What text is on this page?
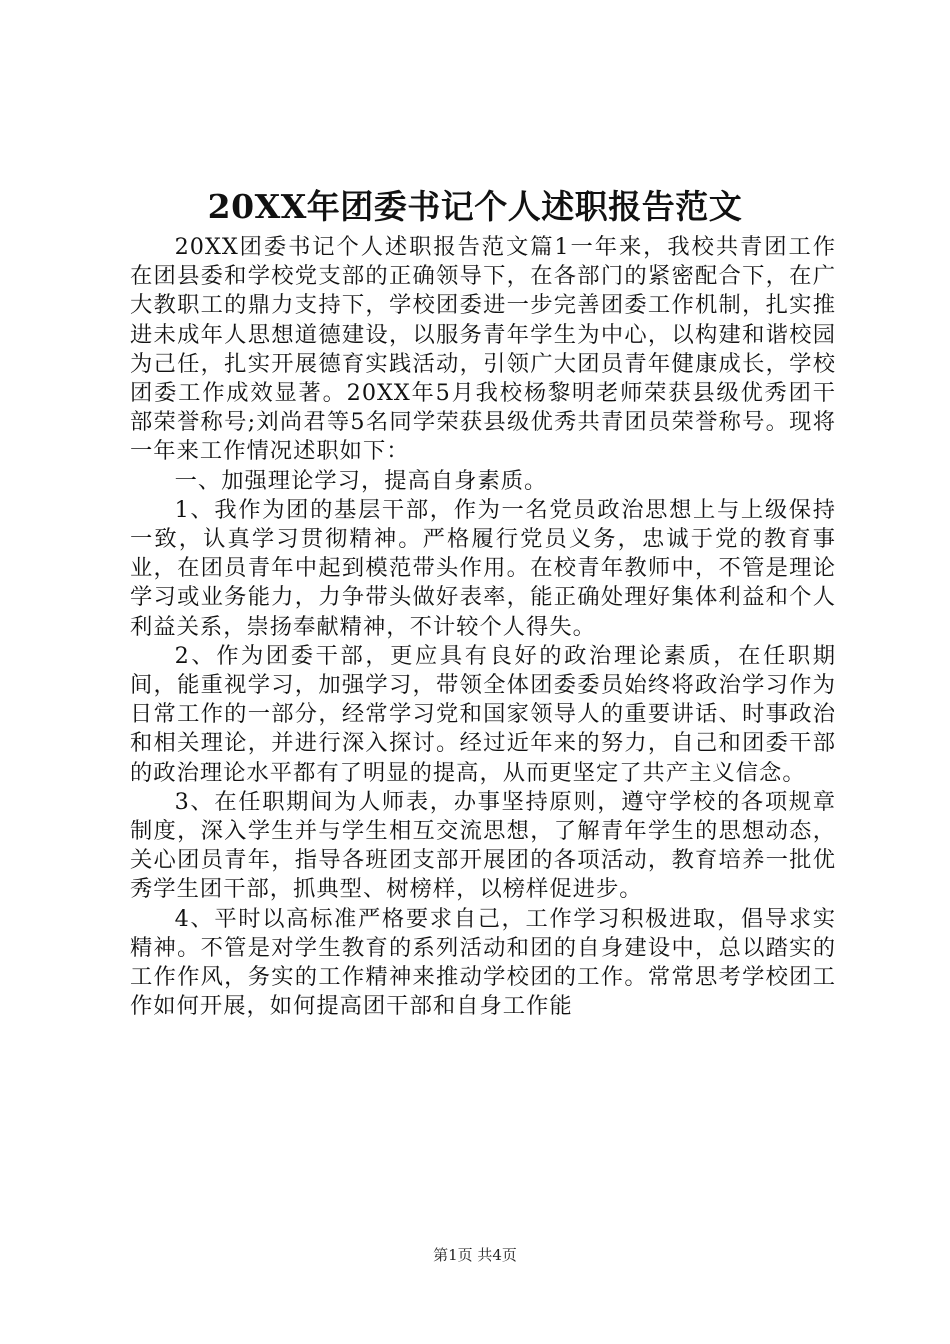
20XX年团委书记个人述职报告范文

20XX团委书记个人述职报告范文篇1一年来，我校共青团工作在团县委和学校党支部的正确领导下，在各部门的紧密配合下，在广大教职工的鼎力支持下，学校团委进一步完善团委工作机制，扎实推进未成年人思想道德建设，以服务青年学生为中心，以构建和谐校园为己任，扎实开展德育实践活动，引领广大团员青年健康成长，学校团委工作成效显著。20XX年5月我校杨黎明老师荣获县级优秀团干部荣誉称号;刘尚君等5名同学荣获县级优秀共青团员荣誉称号。现将一年来工作情况述职如下：

一、加强理论学习，提高自身素质。

1、我作为团的基层干部，作为一名党员政治思想上与上级保持一致，认真学习贯彻精神。严格履行党员义务，忠诚于党的教育事业，在团员青年中起到模范带头作用。在校青年教师中，不管是理论学习或业务能力，力争带头做好表率，能正确处理好集体利益和个人利益关系，崇扬奉献精神，不计较个人得失。

2、作为团委干部，更应具有良好的政治理论素质，在任职期间，能重视学习，加强学习，带领全体团委委员始终将政治学习作为日常工作的一部分，经常学习党和国家领导人的重要讲话、时事政治和相关理论，并进行深入探讨。经过近年来的努力，自己和团委干部的政治理论水平都有了明显的提高，从而更坚定了共产主义信念。

3、在任职期间为人师表，办事坚持原则，遵守学校的各项规章制度，深入学生并与学生相互交流思想，了解青年学生的思想动态，关心团员青年，指导各班团支部开展团的各项活动，教育培养一批优秀学生团干部，抓典型、树榜样，以榜样促进步。

4、平时以高标准严格要求自己，工作学习积极进取，倡导求实精神。不管是对学生教育的系列活动和团的自身建设中，总以踏实的工作作风，务实的工作精神来推动学校团的工作。常常思考学校团工作如何开展，如何提高团干部和自身工作能

第1页 共4页
